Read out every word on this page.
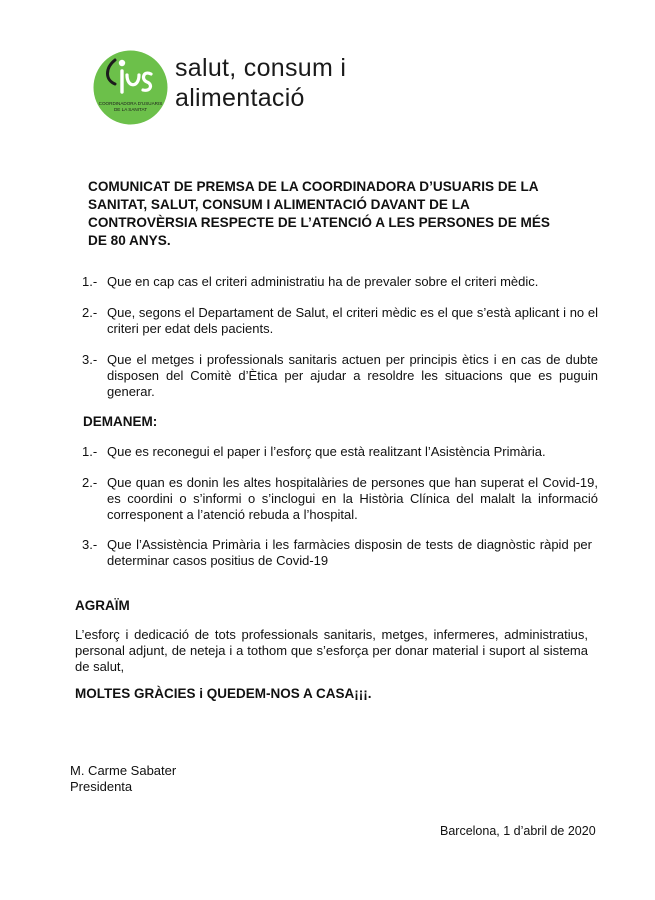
COORDINADORA D'USUARIS
DE LA SANITAT
salut, consum i
alimentació
COMUNICAT DE PREMSA DE LA COORDINADORA D’USUARIS DE LA SANITAT, SALUT, CONSUM I ALIMENTACIÓ DAVANT DE LA CONTROVÈRSIA RESPECTE DE L’ATENCIÓ A LES PERSONES DE MÉS DE 80 ANYS.
1.- Que en cap cas el criteri administratiu ha de prevaler sobre el criteri mèdic.
2.- Que, segons el Departament de Salut, el criteri mèdic es el que s’està aplicant i no el criteri per edat dels pacients.
3.- Que el metges i professionals sanitaris actuen per principis ètics i en cas de dubte disposen del Comitè d’Ètica per ajudar a resoldre les situacions que es puguin generar.
DEMANEM:
1.- Que es reconegui el paper i l’esforç que està realitzant l’Asistència Primària.
2.- Que quan es donin les altes hospitalàries de persones que han superat el Covid-19, es coordini o s’informi o s’inclogui en la Història Clínica del malalt la informació corresponent a l’atenció rebuda a l’hospital.
3.- Que l’Assistència Primària i les farmàcies disposin de tests de diagnòstic ràpid per determinar casos positius de Covid-19
AGRAÏM
L’esforç i dedicació de tots professionals sanitaris, metges, infermeres, administratius, personal adjunt, de neteja i a tothom que s’esforça per donar material i suport al sistema de salut,
MOLTES GRÀCIES i QUEDEM-NOS A CASA¡¡¡.
M. Carme Sabater
Presidenta
Barcelona, 1 d’abril de 2020
